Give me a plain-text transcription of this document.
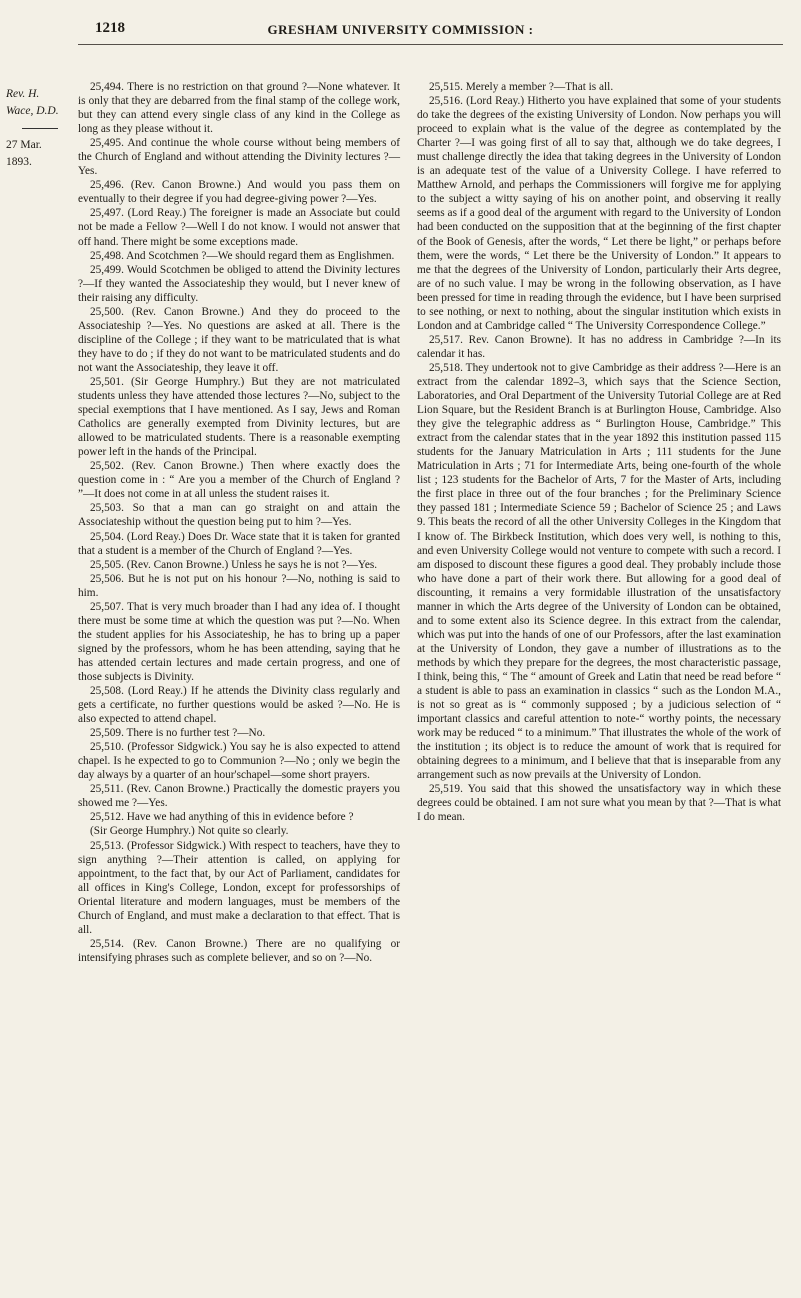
1218	GRESHAM UNIVERSITY COMMISSION :
Rev. H. Wace, D.D.
27 Mar. 1893.

25,494. There is no restriction on that ground ?—None whatever. It is only that they are debarred from the final stamp of the college work, but they can attend every single class of any kind in the College as long as they please without it.

25,495. And continue the whole course without being members of the Church of England and without attending the Divinity lectures ?—Yes.

25,496. (Rev. Canon Browne.) And would you pass them on eventually to their degree if you had degree-giving power ?—Yes.

25,497. (Lord Reay.) The foreigner is made an Associate but could not be made a Fellow ?—Well I do not know. I would not answer that off hand. There might be some exceptions made.

25,498. And Scotchmen ?—We should regard them as Englishmen.

25,499. Would Scotchmen be obliged to attend the Divinity lectures ?—If they wanted the Associateship they would, but I never knew of their raising any difficulty.

25,500. (Rev. Canon Browne.) And they do proceed to the Associateship ?—Yes. No questions are asked at all. There is the discipline of the College ; if they want to be matriculated that is what they have to do ; if they do not want to be matriculated students and do not want the Associateship, they leave it off.

25,501. (Sir George Humphry.) But they are not matriculated students unless they have attended those lectures ?—No, subject to the special exemptions that I have mentioned. As I say, Jews and Roman Catholics are generally exempted from Divinity lectures, but are allowed to be matriculated students. There is a reasonable exempting power left in the hands of the Principal.

25,502. (Rev. Canon Browne.) Then where exactly does the question come in : “ Are you a member of the Church of England ? ”—It does not come in at all unless the student raises it.

25,503. So that a man can go straight on and attain the Associateship without the question being put to him ?—Yes.

25,504. (Lord Reay.) Does Dr. Wace state that it is taken for granted that a student is a member of the Church of England ?—Yes.

25,505. (Rev. Canon Browne.) Unless he says he is not ?—Yes.

25,506. But he is not put on his honour ?—No, nothing is said to him.

25,507. That is very much broader than I had any idea of. I thought there must be some time at which the question was put ?—No. When the student applies for his Associateship, he has to bring up a paper signed by the professors, whom he has been attending, saying that he has attended certain lectures and made certain progress, and one of those subjects is Divinity.

25,508. (Lord Reay.) If he attends the Divinity class regularly and gets a certificate, no further questions would be asked ?—No. He is also expected to attend chapel.

25,509. There is no further test ?—No.

25,510. (Professor Sidgwick.) You say he is also expected to attend chapel. Is he expected to go to Communion ?—No ; only we begin the day always by a quarter of an hour'schapel—some short prayers.

25,511. (Rev. Canon Browne.) Practically the domestic prayers you showed me ?—Yes.

25,512. Have we had anything of this in evidence before ?

(Sir George Humphry.) Not quite so clearly.

25,513. (Professor Sidgwick.) With respect to teachers, have they to sign anything ?—Their attention is called, on applying for appointment, to the fact that, by our Act of Parliament, candidates for all offices in King's College, London, except for professorships of Oriental literature and modern languages, must be members of the Church of England, and must make a declaration to that effect. That is all.

25,514. (Rev. Canon Browne.) There are no qualifying or intensifying phrases such as complete believer, and so on ?—No.

25,515. Merely a member ?—That is all.

25,516. (Lord Reay.) Hitherto you have explained that some of your students do take the degrees of the existing University of London. Now perhaps you will proceed to explain what is the value of the degree as contemplated by the Charter ?—I was going first of all to say that, although we do take degrees, I must challenge directly the idea that taking degrees in the University of London is an adequate test of the value of a University College. I have referred to Matthew Arnold, and perhaps the Commissioners will forgive me for applying to the subject a witty saying of his on another point, and observing it really seems as if a good deal of the argument with regard to the University of London had been conducted on the supposition that at the beginning of the first chapter of the Book of Genesis, after the words, “ Let there be light,” or perhaps before them, were the words, “ Let there be the University of London.” It appears to me that the degrees of the University of London, particularly their Arts degree, are of no such value. I may be wrong in the following observation, as I have been pressed for time in reading through the evidence, but I have been surprised to see nothing, or next to nothing, about the singular institution which exists in London and at Cambridge called “ The University Correspondence College.”

25,517. Rev. Canon Browne). It has no address in Cambridge ?—In its calendar it has.

25,518. They undertook not to give Cambridge as their address ?—Here is an extract from the calendar 1892–3, which says that the Science Section, Laboratories, and Oral Department of the University Tutorial College are at Red Lion Square, but the Resident Branch is at Burlington House, Cambridge. Also they give the telegraphic address as “ Burlington House, Cambridge.” This extract from the calendar states that in the year 1892 this institution passed 115 students for the January Matriculation in Arts ; 111 students for the June Matriculation in Arts ; 71 for Intermediate Arts, being one-fourth of the whole list ; 123 students for the Bachelor of Arts, 7 for the Master of Arts, including the first place in three out of the four branches ; for the Preliminary Science they passed 181 ; Intermediate Science 59 ; Bachelor of Science 25 ; and Laws 9. This beats the record of all the other University Colleges in the Kingdom that I know of. The Birkbeck Institution, which does very well, is nothing to this, and even University College would not venture to compete with such a record. I am disposed to discount these figures a good deal. They probably include those who have done a part of their work there. But allowing for a good deal of discounting, it remains a very formidable illustration of the unsatisfactory manner in which the Arts degree of the University of London can be obtained, and to some extent also its Science degree. In this extract from the calendar, which was put into the hands of one of our Professors, after the last examination at the University of London, they gave a number of illustrations as to the methods by which they prepare for the degrees, the most characteristic passage, I think, being this, “ The “ amount of Greek and Latin that need be read before “ a student is able to pass an examination in classics “ such as the London M.A., is not so great as is “ commonly supposed ; by a judicious selection of “ important classics and careful attention to note-“ worthy points, the necessary work may be reduced “ to a minimum.” That illustrates the whole of the work of the institution ; its object is to reduce the amount of work that is required for obtaining degrees to a minimum, and I believe that that is inseparable from any arrangement such as now prevails at the University of London.

25,519. You said that this showed the unsatisfactory way in which these degrees could be obtained. I am not sure what you mean by that ?—That is what I do mean.
